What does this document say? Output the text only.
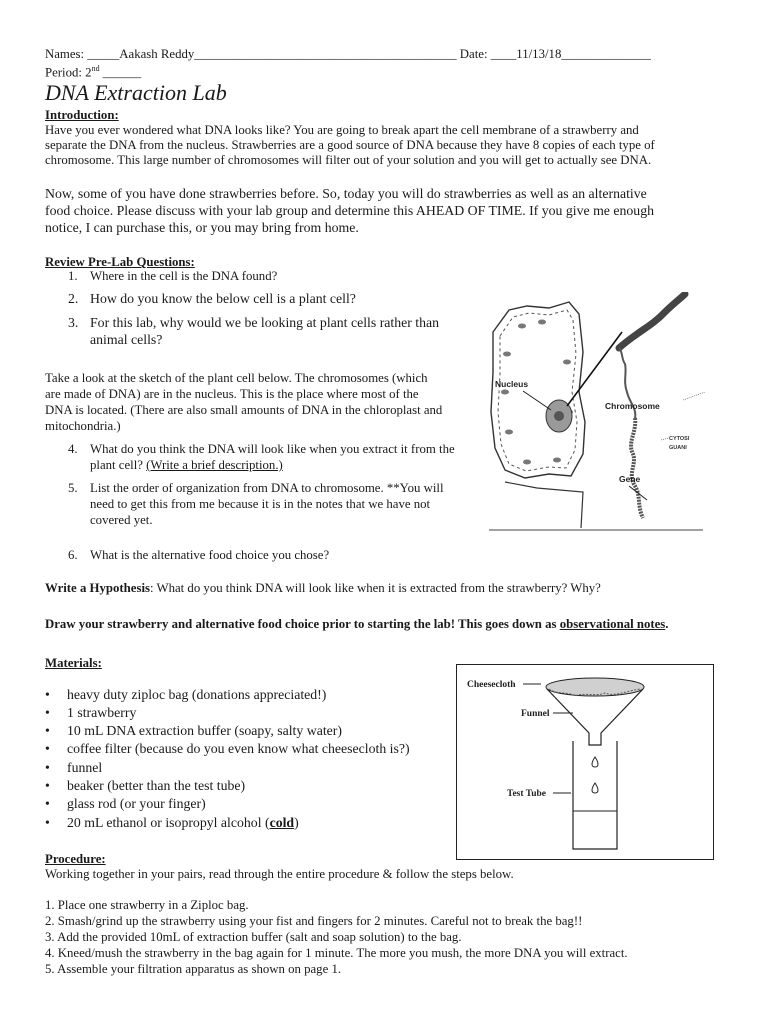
Names: _____Aakash Reddy_________________________________________ Date: ____11/13/18______________
Period: 2nd ______
DNA Extraction Lab
Introduction:
Have you ever wondered what DNA looks like? You are going to break apart the cell membrane of a strawberry and
separate the DNA from the nucleus. Strawberries are a good source of DNA because they have 8 copies of each type of
chromosome. This large number of chromosomes will filter out of your solution and you will get to actually see DNA.
Now, some of you have done strawberries before. So, today you will do strawberries as well as an alternative
food choice. Please discuss with your lab group and determine this AHEAD OF TIME. If you give me enough
notice, I can purchase this, or you may bring from home.
Review Pre-Lab Questions:
1. Where in the cell is the DNA found?
2. How do you know the below cell is a plant cell?
3. For this lab, why would we be looking at plant cells rather than
animal cells?
Take a look at the sketch of the plant cell below. The chromosomes (which
are made of DNA) are in the nucleus. This is the place where most of the
DNA is located. (There are also small amounts of DNA in the chloroplast and
mitochondria.)
4. What do you think the DNA will look like when you extract it from the
plant cell? (Write a brief description.)
5. List the order of organization from DNA to chromosome. **You will
need to get this from me because it is in the notes that we have not
covered yet.
6. What is the alternative food choice you chose?
Nucleus
Chromosome
CYTOSI
GUANI
Gene
Write a Hypothesis: What do you think DNA will look like when it is extracted from the strawberry? Why?
Draw your strawberry and alternative food choice prior to starting the lab! This goes down as observational notes.
Materials:
• heavy duty ziploc bag (donations appreciated!)
• 1 strawberry
• 10 mL DNA extraction buffer (soapy, salty water)
• coffee filter (because do you even know what cheesecloth is?)
• funnel
• beaker (better than the test tube)
• glass rod (or your finger)
• 20 mL ethanol or isopropyl alcohol (cold)
Cheesecloth
Funnel
Test Tube
Procedure:
Working together in your pairs, read through the entire procedure & follow the steps below.
1. Place one strawberry in a Ziploc bag.
2. Smash/grind up the strawberry using your fist and fingers for 2 minutes. Careful not to break the bag!!
3. Add the provided 10mL of extraction buffer (salt and soap solution) to the bag.
4. Kneed/mush the strawberry in the bag again for 1 minute. The more you mush, the more DNA you will extract.
5. Assemble your filtration apparatus as shown on page 1.
